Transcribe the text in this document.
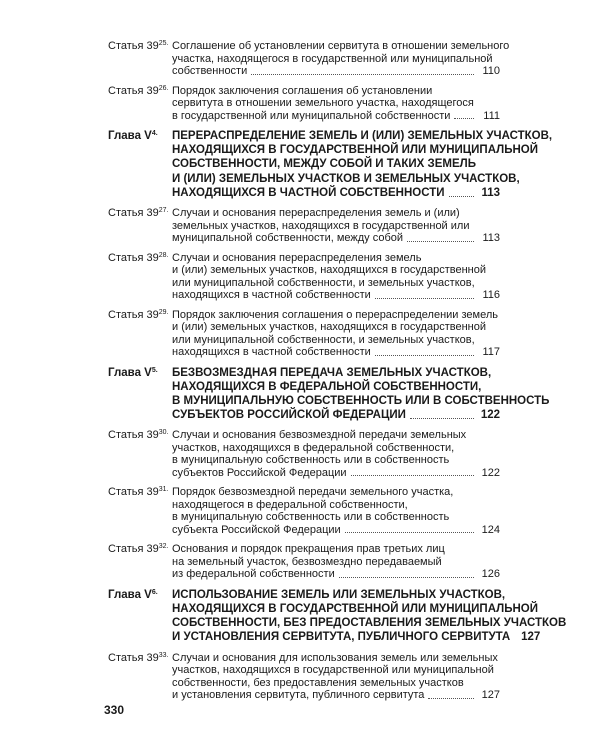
Статья $39^{25.}$ Соглашение об установлении сервитута в отношении земельного
участка, находящегося в государственной или муниципальной
собственности	110
Статья $39^{26.}$ Порядок заключения соглашения об установлении
сервитута в отношении земельного участка, находящегося
в государственной или муниципальной собственности	111
Глава $V^{4.}$	ПЕРЕРАСПРЕДЕЛЕНИЕ ЗЕМЕЛЬ И (ИЛИ) ЗЕМЕЛЬНЫХ УЧАСТКОВ,
НАХОДЯЩИХСЯ В ГОСУДАРСТВЕННОЙ ИЛИ МУНИЦИПАЛЬНОЙ
СОБСТВЕННОСТИ, МЕЖДУ СОБОЙ И ТАКИХ ЗЕМЕЛЬ
И (ИЛИ) ЗЕМЕЛЬНЫХ УЧАСТКОВ И ЗЕМЕЛЬНЫХ УЧАСТКОВ,
НАХОДЯЩИХСЯ В ЧАСТНОЙ СОБСТВЕННОСТИ	113
Статья $39^{27.}$ Случаи и основания перераспределения земель и (или)
земельных участков, находящихся в государственной или
муниципальной собственности, между собой	113
Статья $39^{28.}$ Случаи и основания перераспределения земель
и (или) земельных участков, находящихся в государственной
или муниципальной собственности, и земельных участков,
находящихся в частной собственности	116
Статья $39^{29.}$ Порядок заключения соглашения о перераспределении земель
и (или) земельных участков, находящихся в государственной
или муниципальной собственности, и земельных участков,
находящихся в частной собственности	117
Глава $V^{5.}$	БЕЗВОЗМЕЗДНАЯ ПЕРЕДАЧА ЗЕМЕЛЬНЫХ УЧАСТКОВ,
НАХОДЯЩИХСЯ В ФЕДЕРАЛЬНОЙ СОБСТВЕННОСТИ,
В МУНИЦИПАЛЬНУЮ СОБСТВЕННОСТЬ ИЛИ В СОБСТВЕННОСТЬ
СУБЪЕКТОВ РОССИЙСКОЙ ФЕДЕРАЦИИ	122
Статья $39^{30.}$ Случаи и основания безвозмездной передачи земельных
участков, находящихся в федеральной собственности,
в муниципальную собственность или в собственность
субъектов Российской Федерации	122
Статья $39^{31.}$ Порядок безвозмездной передачи земельного участка,
находящегося в федеральной собственности,
в муниципальную собственность или в собственность
субъекта Российской Федерации	124
Статья $39^{32.}$ Основания и порядок прекращения прав третьих лиц
на земельный участок, безвозмездно передаваемый
из федеральной собственности	126
Глава $V^{6.}$	ИСПОЛЬЗОВАНИЕ ЗЕМЕЛЬ ИЛИ ЗЕМЕЛЬНЫХ УЧАСТКОВ,
НАХОДЯЩИХСЯ В ГОСУДАРСТВЕННОЙ ИЛИ МУНИЦИПАЛЬНОЙ
СОБСТВЕННОСТИ, БЕЗ ПРЕДОСТАВЛЕНИЯ ЗЕМЕЛЬНЫХ УЧАСТКОВ
И УСТАНОВЛЕНИЯ СЕРВИТУТА, ПУБЛИЧНОГО СЕРВИТУТА 127
Статья $39^{33.}$ Случаи и основания для использования земель или земельных
участков, находящихся в государственной или муниципальной
собственности, без предоставления земельных участков
и установления сервитута, публичного сервитута	127
330
